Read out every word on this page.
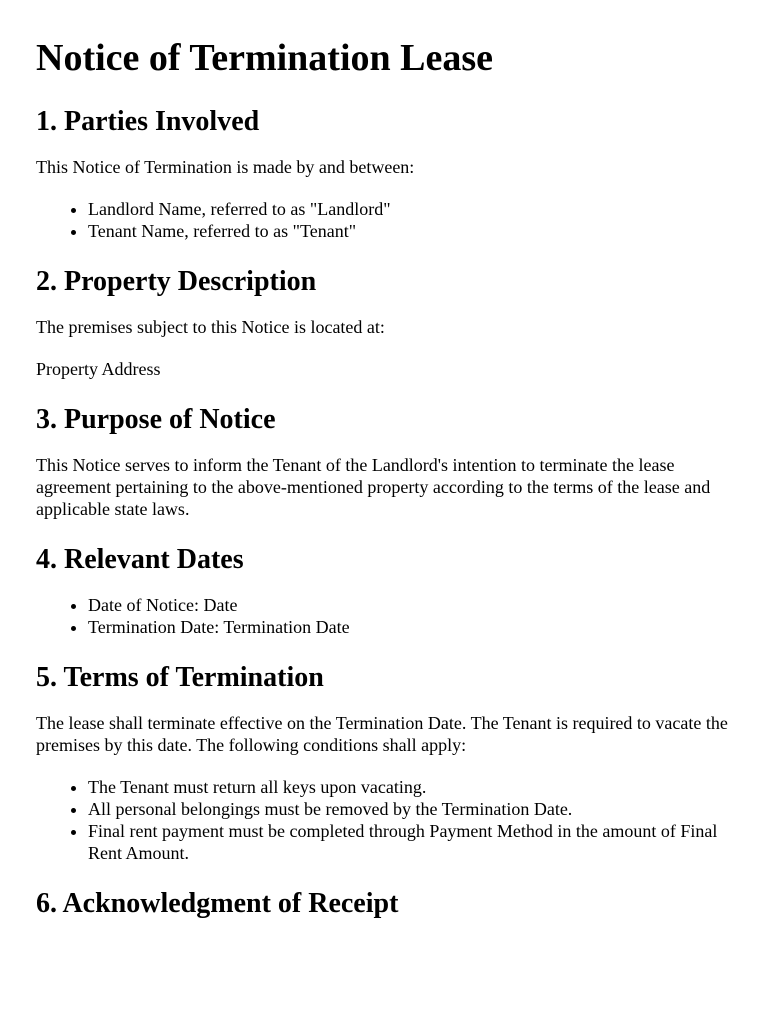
Notice of Termination Lease
1. Parties Involved

This Notice of Termination is made by and between:

• Landlord Name, referred to as "Landlord"
• Tenant Name, referred to as "Tenant"
2. Property Description

The premises subject to this Notice is located at:

Property Address

3. Purpose of Notice

This Notice serves to inform the Tenant of the Landlord's intention to terminate the lease agreement pertaining to the above-mentioned property according to the terms of the lease and applicable state laws.

4. Relevant Dates
• Date of Notice: Date
• Termination Date: Termination Date
5. Terms of Termination

The lease shall terminate effective on the Termination Date. The Tenant is required to vacate the premises by this date. The following conditions shall apply:

• The Tenant must return all keys upon vacating.
• All personal belongings must be removed by the Termination Date.
• Final rent payment must be completed through Payment Method in the amount of Final Rent Amount.
6. Acknowledgment of Receipt
